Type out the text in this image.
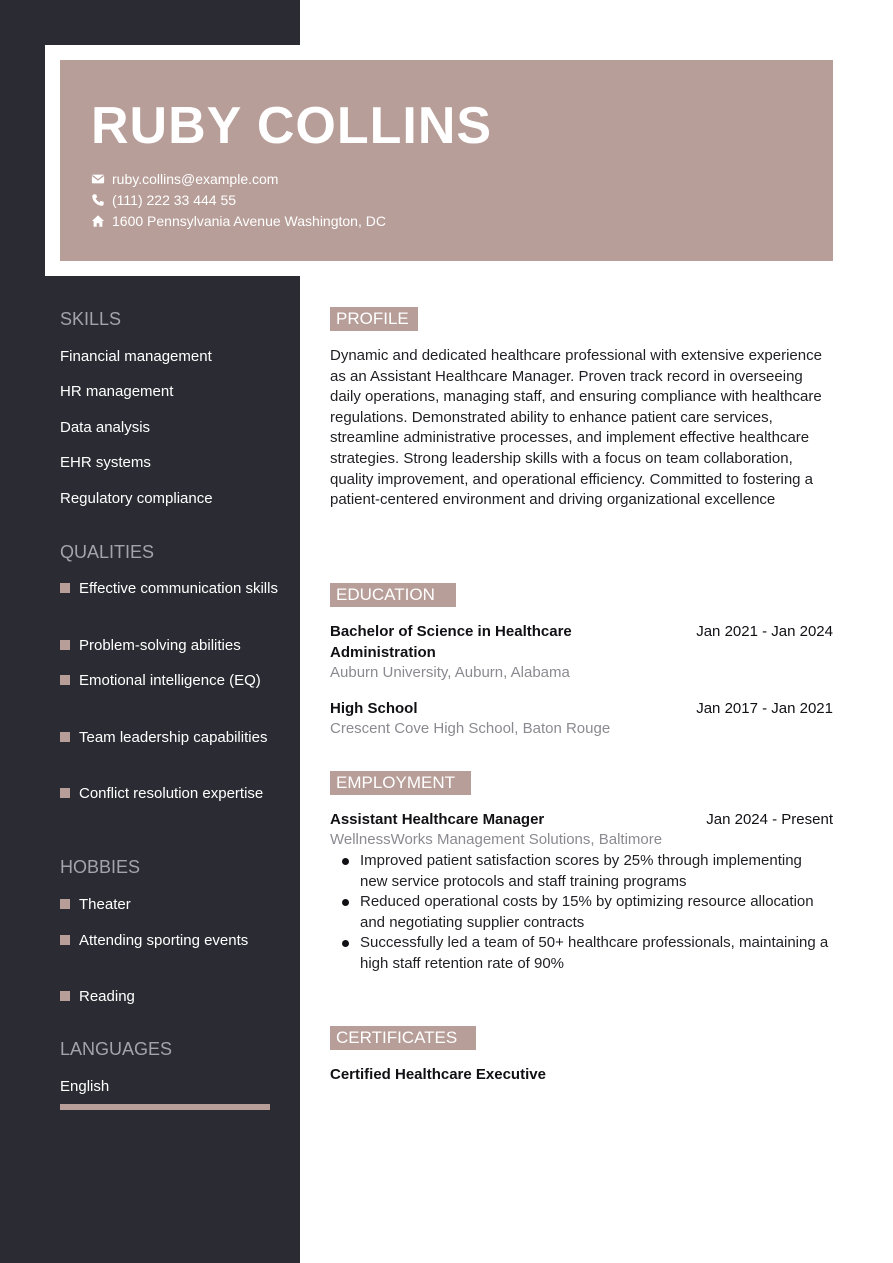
RUBY COLLINS
ruby.collins@example.com
(111) 222 33 444 55
1600 Pennsylvania Avenue Washington, DC
SKILLS
Financial management
HR management
Data analysis
EHR systems
Regulatory compliance
QUALITIES
Effective communication skills
Problem-solving abilities
Emotional intelligence (EQ)
Team leadership capabilities
Conflict resolution expertise
HOBBIES
Theater
Attending sporting events
Reading
LANGUAGES
English
PROFILE

Dynamic and dedicated healthcare professional with extensive experience as an Assistant Healthcare Manager. Proven track record in overseeing daily operations, managing staff, and ensuring compliance with healthcare regulations. Demonstrated ability to enhance patient care services, streamline administrative processes, and implement effective healthcare strategies. Strong leadership skills with a focus on team collaboration, quality improvement, and operational efficiency. Committed to fostering a patient-centered environment and driving organizational excellence

EDUCATION
Bachelor of Science in Healthcare Administration
Jan 2021 - Jan 2024
Auburn University, Auburn, Alabama
High School	Jan 2017 - Jan 2021
Crescent Cove High School, Baton Rouge
EMPLOYMENT
Assistant Healthcare Manager	Jan 2024 - Present
WellnessWorks Management Solutions, Baltimore
Improved patient satisfaction scores by 25% through implementing new service protocols and staff training programs
Reduced operational costs by 15% by optimizing resource allocation and negotiating supplier contracts
Successfully led a team of 50+ healthcare professionals, maintaining a high staff retention rate of 90%
CERTIFICATES
Certified Healthcare Executive
